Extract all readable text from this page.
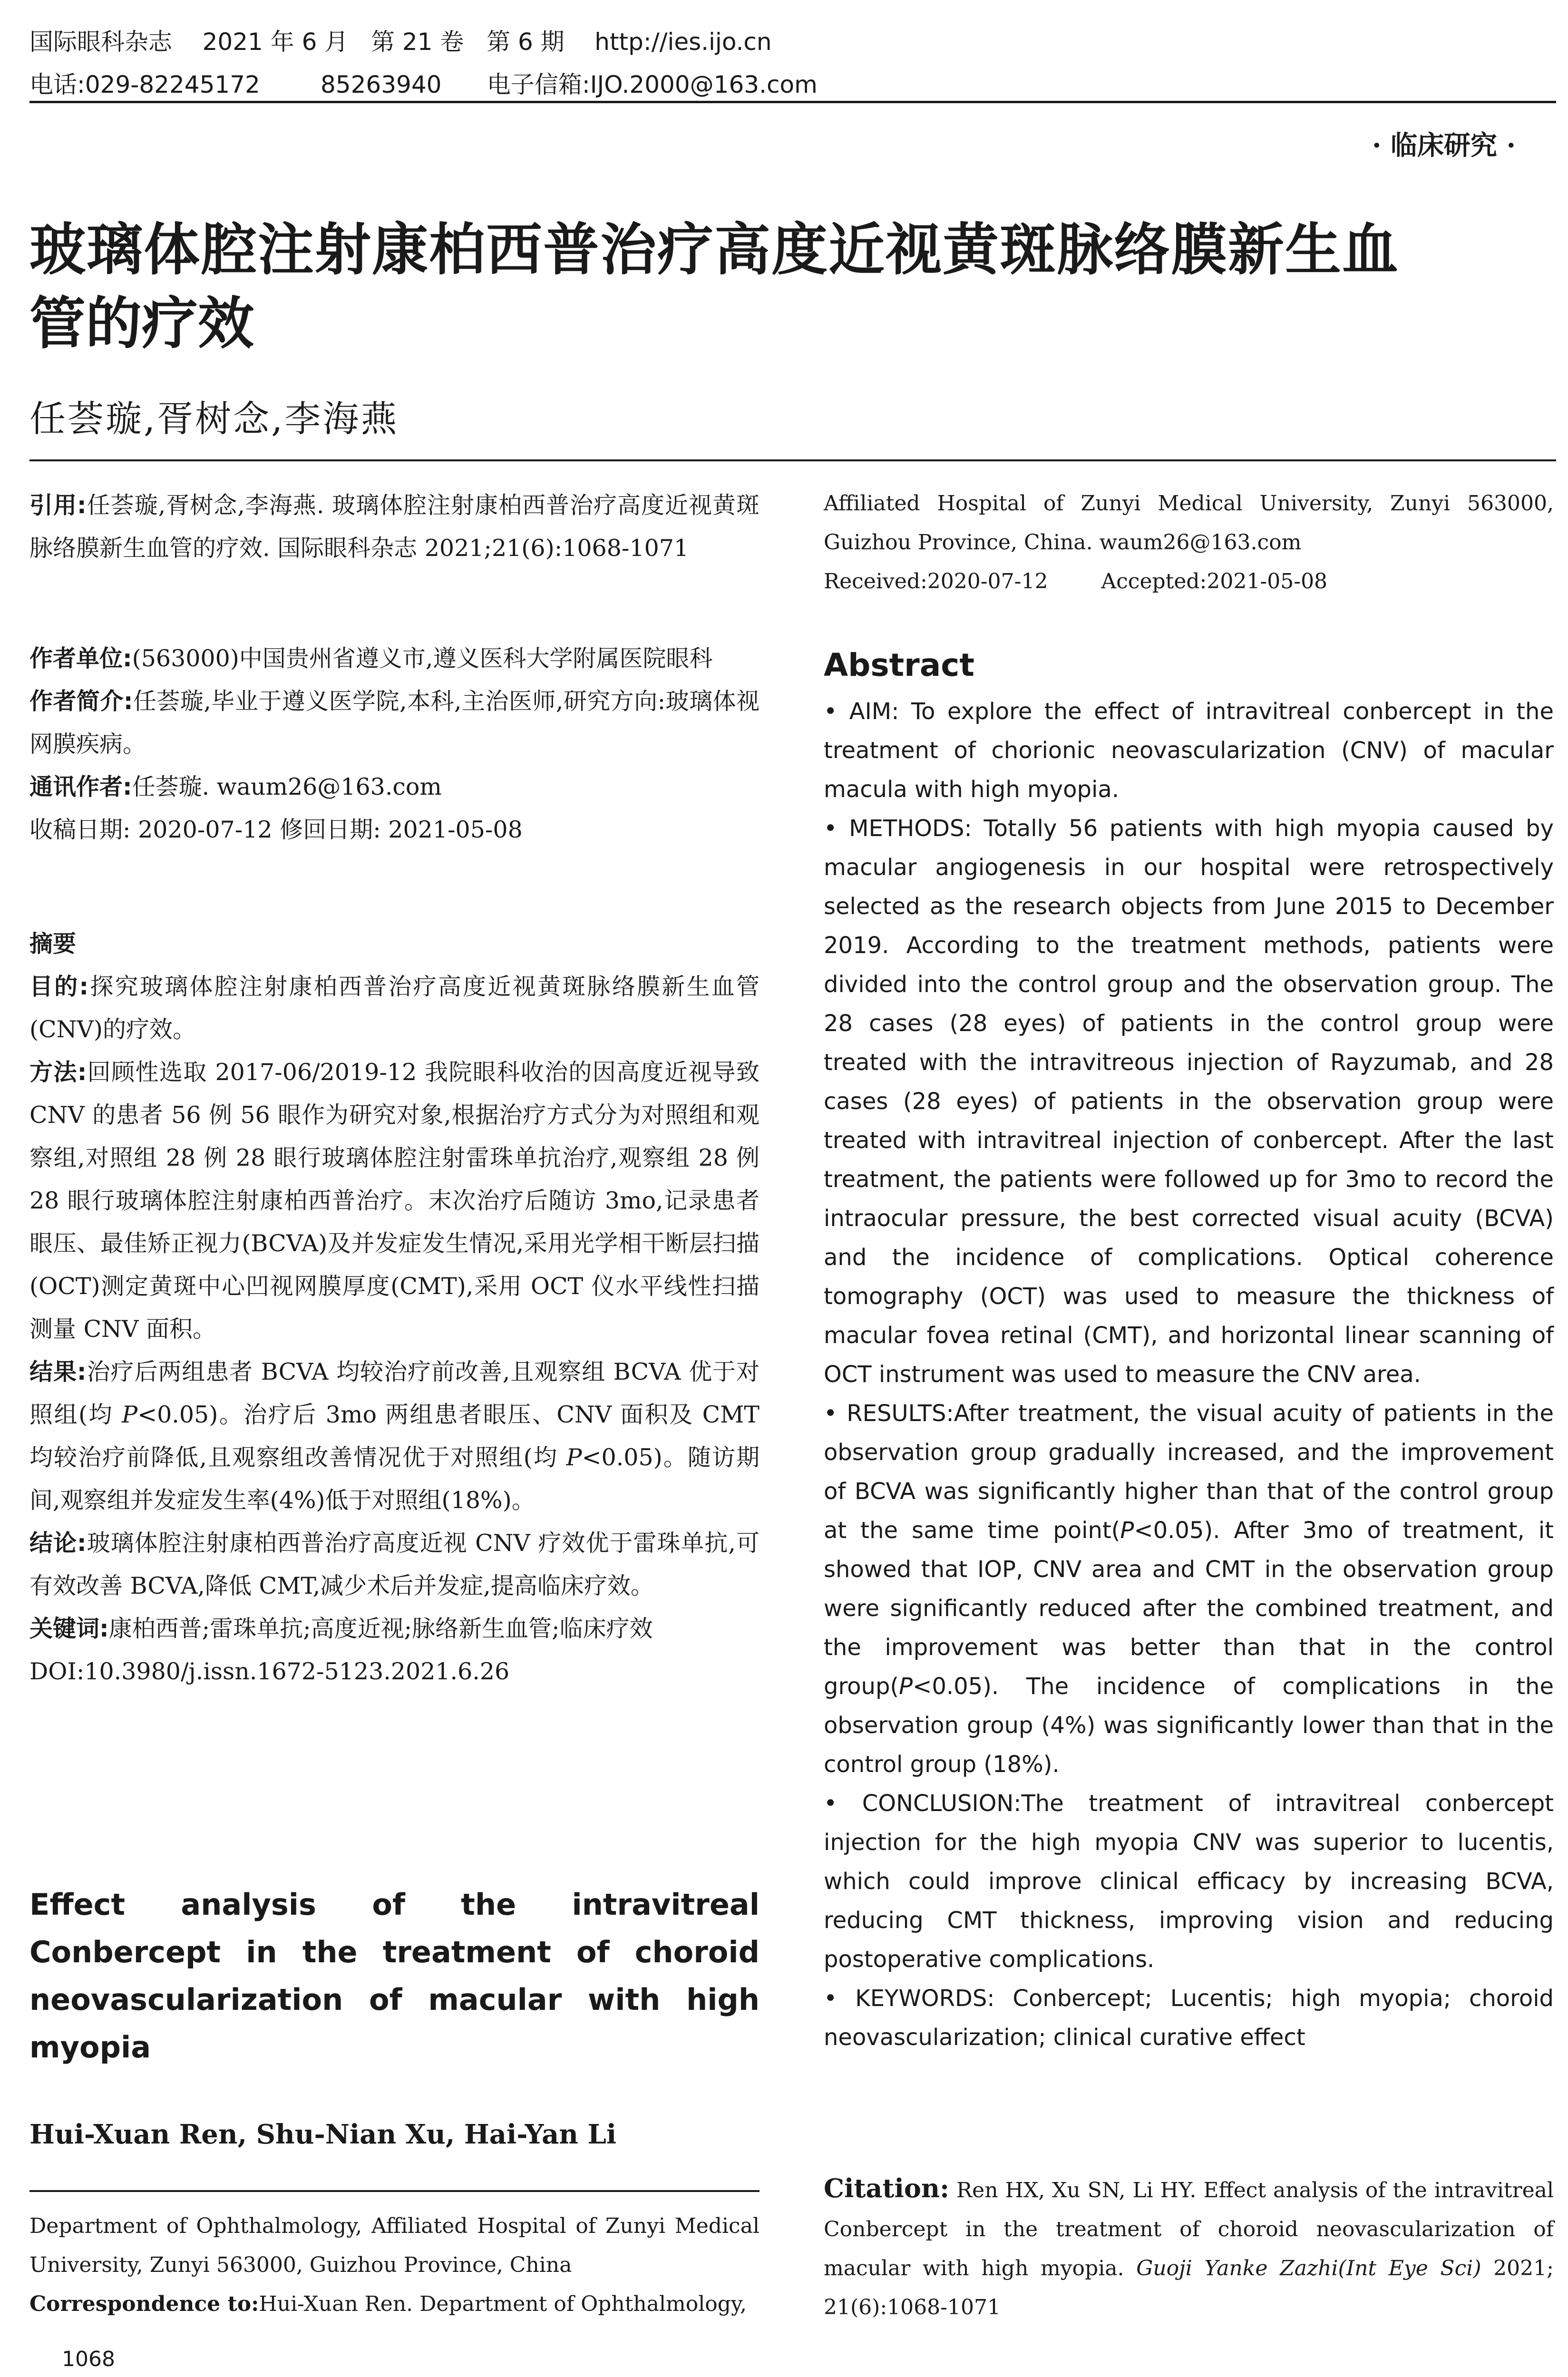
国际眼科杂志 2021 年 6 月   第 21 卷   第 6 期 http://ies.ijo.cn
电话:029-82245172	85263940 电子信箱:IJO.2000@163.com
· 临床研究 ·
玻璃体腔注射康柏西普治疗高度近视黄斑脉络膜新生血
管的疗效
任荟璇,胥树念,李海燕
引用:任荟璇,胥树念,李海燕. 玻璃体腔注射康柏西普治疗高度近视黄斑脉络膜新生血管的疗效. 国际眼科杂志 2021;21(6):1068-1071

作者单位:(563000)中国贵州省遵义市,遵义医科大学附属医院眼科

作者简介:任荟璇,毕业于遵义医学院,本科,主治医师,研究方向:玻璃体视网膜疾病。

通讯作者:任荟璇. waum26@163.com

收稿日期: 2020-07-12 修回日期: 2021-05-08

摘要

目的:探究玻璃体腔注射康柏西普治疗高度近视黄斑脉络膜新生血管(CNV)的疗效。

方法:回顾性选取 2017-06/2019-12 我院眼科收治的因高度近视导致 CNV 的患者 56 例 56 眼作为研究对象,根据治疗方式分为对照组和观察组,对照组 28 例 28 眼行玻璃体腔注射雷珠单抗治疗,观察组 28 例 28 眼行玻璃体腔注射康柏西普治疗。末次治疗后随访 3mo,记录患者眼压、最佳矫正视力(BCVA)及并发症发生情况,采用光学相干断层扫描(OCT)测定黄斑中心凹视网膜厚度(CMT),采用 OCT 仪水平线性扫描测量 CNV 面积。

结果:治疗后两组患者 BCVA 均较治疗前改善,且观察组 BCVA 优于对照组(均 P<0.05)。治疗后 3mo 两组患者眼压、CNV 面积及 CMT 均较治疗前降低,且观察组改善情况优于对照组(均 P<0.05)。随访期间,观察组并发症发生率(4%)低于对照组(18%)。

结论:玻璃体腔注射康柏西普治疗高度近视 CNV 疗效优于雷珠单抗,可有效改善 BCVA,降低 CMT,减少术后并发症,提高临床疗效。

关键词:康柏西普;雷珠单抗;高度近视;脉络新生血管;临床疗效

DOI:10.3980/j.issn.1672-5123.2021.6.26

Effect analysis of the intravitreal Conbercept in the treatment of choroid neovascularization of macular with high myopia
Hui-Xuan Ren, Shu-Nian Xu, Hai-Yan Li

Department of Ophthalmology, Affiliated Hospital of Zunyi Medical University, Zunyi 563000, Guizhou Province, China

Correspondence to:Hui-Xuan Ren. Department of Ophthalmology,

1068
Affiliated Hospital of Zunyi Medical University, Zunyi 563000, Guizhou Province, China. waum26@163.com
Received:2020-07-12	Accepted:2021-05-08
Abstract

• AIM: To explore the effect of intravitreal conbercept in the treatment of chorionic neovascularization (CNV) of macular macula with high myopia.

• METHODS: Totally 56 patients with high myopia caused by macular angiogenesis in our hospital were retrospectively selected as the research objects from June 2015 to December 2019. According to the treatment methods, patients were divided into the control group and the observation group. The 28 cases (28 eyes) of patients in the control group were treated with the intravitreous injection of Rayzumab, and 28 cases (28 eyes) of patients in the observation group were treated with intravitreal injection of conbercept. After the last treatment, the patients were followed up for 3mo to record the intraocular pressure, the best corrected visual acuity (BCVA) and the incidence of complications. Optical coherence tomography (OCT) was used to measure the thickness of macular fovea retinal (CMT), and horizontal linear scanning of OCT instrument was used to measure the CNV area.

• RESULTS:After treatment, the visual acuity of patients in the observation group gradually increased, and the improvement of BCVA was significantly higher than that of the control group at the same time point(P<0.05). After 3mo of treatment, it showed that IOP, CNV area and CMT in the observation group were significantly reduced after the combined treatment, and the improvement was better than that in the control group(P<0.05). The incidence of complications in the observation group (4%) was significantly lower than that in the control group (18%).

• CONCLUSION:The treatment of intravitreal conbercept injection for the high myopia CNV was superior to lucentis, which could improve clinical efficacy by increasing BCVA, reducing CMT thickness, improving vision and reducing postoperative complications.

• KEYWORDS: Conbercept; Lucentis; high myopia; choroid neovascularization; clinical curative effect

Citation: Ren HX, Xu SN, Li HY. Effect analysis of the intravitreal Conbercept in the treatment of choroid neovascularization of macular with high myopia. Guoji Yanke Zazhi(Int Eye Sci) 2021; 21(6):1068-1071
